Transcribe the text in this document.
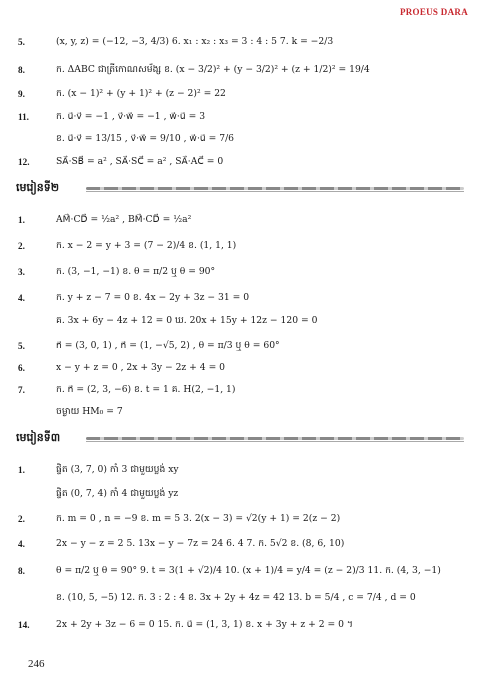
PROEUS DARA
5.	(x, y, z) = (−12, −3, 4/3) 6. x₁ : x₂ : x₃ = 3 : 4 : 5 7. k = −2/3
8.	ក. ΔABC ជាត្រីកោណសម័ង្ស ខ. (x − 3/2)² + (y − 3/2)² + (z + 1/2)² = 19/4
9.	ក. (x − 1)² + (y + 1)² + (z − 2)² = 22
11.	ក. u⃗·v⃗ = −1 , v⃗·w⃗ = −1 , w⃗·u⃗ = 3
ខ. u⃗·v⃗ = 13/15 , v⃗·w⃗ = 9/10 , w⃗·u⃗ = 7/6
12.	SA⃗·SB⃗ = a² , SA⃗·SC⃗ = a² , SA⃗·AC⃗ = 0
មេរៀនទី២
1.	AM⃗·CD⃗ = ½a² , BM⃗·CD⃗ = ½a²
2.	ក. x − 2 = y + 3 = (7 − 2)/4 ខ. (1, 1, 1)
3.	ក. (3, −1, −1) ខ. θ = π/2 ឬ θ = 90°
4.	ក. y + z − 7 = 0 ខ. 4x − 2y + 3z − 31 = 0
គ. 3x + 6y − 4z + 12 = 0 ឃ. 20x + 15y + 12z − 120 = 0
5.	n⃗ = (3, 0, 1) , n⃗ = (1, −√5, 2) , θ = π/3 ឬ θ = 60°
6.	x − y + z = 0 , 2x + 3y − 2z + 4 = 0
7.	ក. n⃗ = (2, 3, −6) ខ. t = 1 គ. H(2, −1, 1)
ចម្ងាយ HM₀ = 7
មេរៀនទី៣
1.	ផ្ចិត (3, 7, 0) កាំ 3 ជាមួយប្លង់ xy
ផ្ចិត (0, 7, 4) កាំ 4 ជាមួយប្លង់ yz
2.	ក. m = 0 , n = −9 ខ. m = 5 3. 2(x − 3) = √2(y + 1) = 2(z − 2)
4.	2x − y − z = 2 5. 13x − y − 7z = 24 6. 4 7. ក. 5√2 ខ. (8, 6, 10)
8.	θ = π/2 ឬ θ = 90° 9. t = 3(1 + √2)/4 10. (x + 1)/4 = y/4 = (z − 2)/3 11. ក. (4, 3, −1)
ខ. (10, 5, −5) 12. ក. 3 : 2 : 4 ខ. 3x + 2y + 4z = 42 13. b = 5/4 , c = 7/4 , d = 0
14.	2x + 2y + 3z − 6 = 0 15. ក. u⃗ = (1, 3, 1) ខ. x + 3y + z + 2 = 0 ។
246
